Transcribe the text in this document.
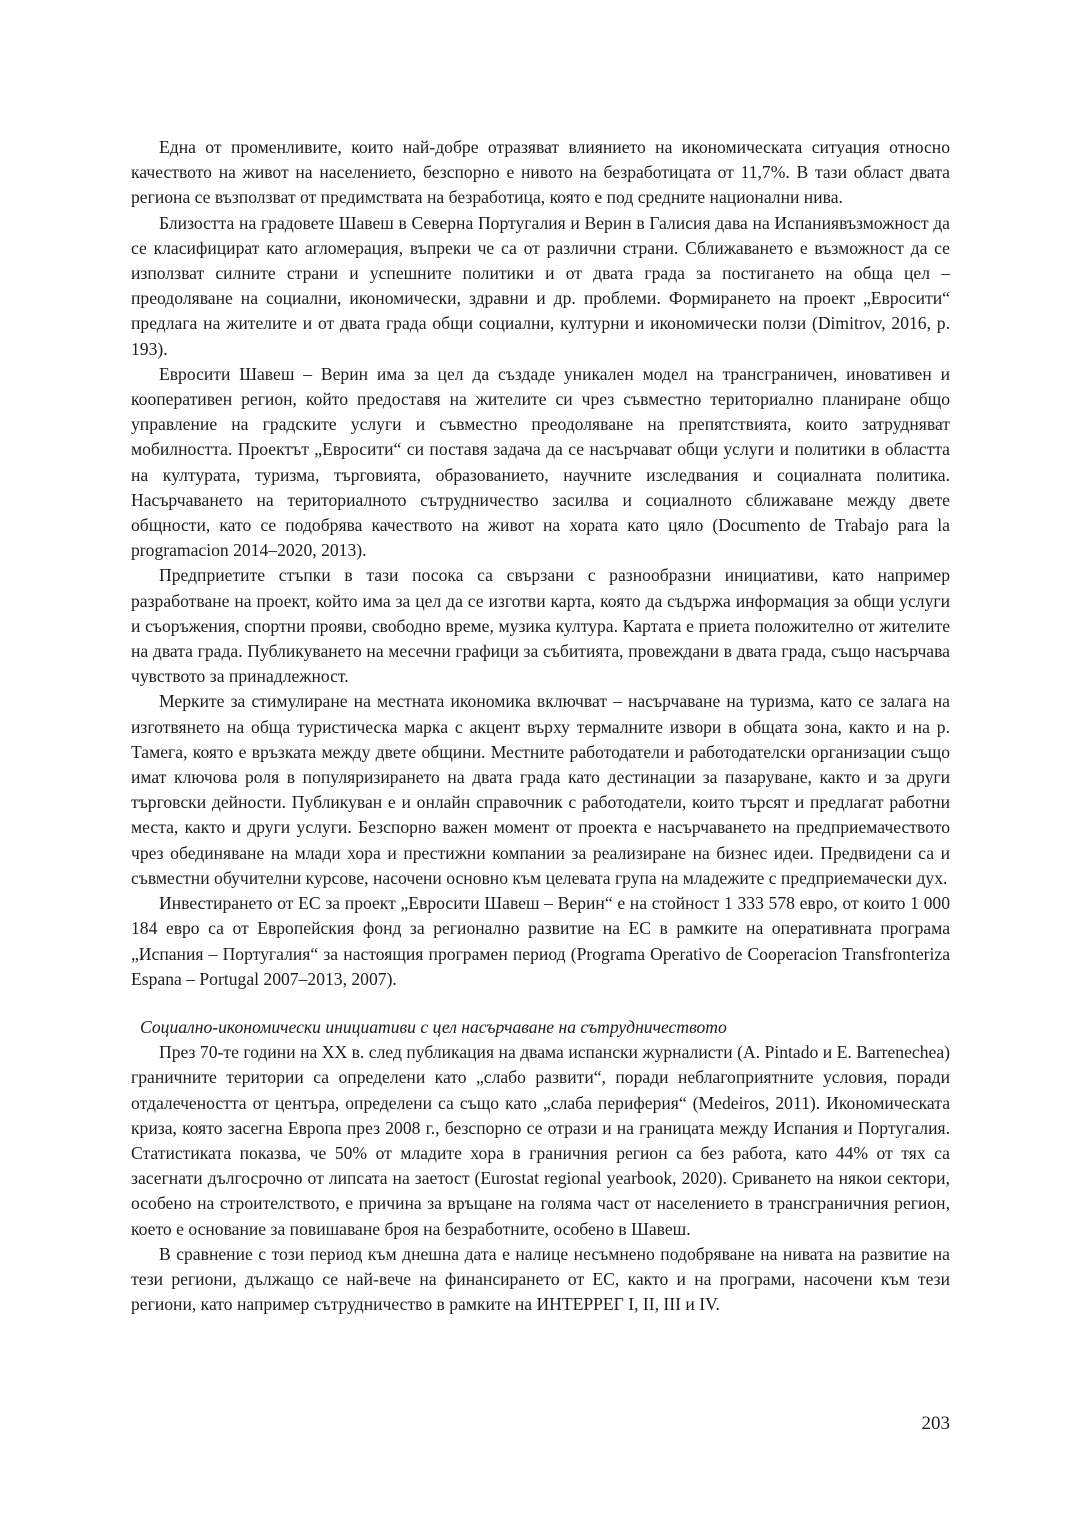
Една от променливите, които най-добре отразяват влиянието на икономическата ситуация относно качеството на живот на населението, безспорно е нивото на безработицата от 11,7%. В тази област двата региона се възползват от предимствата на безработица, която е под средните национални нива.

Близостта на градовете Шавеш в Северна Португалия и Верин в Галисия дава на Испаниявъзможност да се класифицират като агломерация, въпреки че са от различни страни. Сближаването е възможност да се използват силните страни и успешните политики и от двата града за постигането на обща цел – преодоляване на социални, икономически, здравни и др. проблеми. Формирането на проект „Евросити“ предлага на жителите и от двата града общи социални, културни и икономически ползи (Dimitrov, 2016, p. 193).

Евросити Шавеш – Верин има за цел да създаде уникален модел на трансграничен, иновативен и кооперативен регион, който предоставя на жителите си чрез съвместно териториално планиране общо управление на градските услуги и съвместно преодоляване на препятствията, които затрудняват мобилността. Проектът „Евросити“ си поставя задача да се насърчават общи услуги и политики в областта на културата, туризма, търговията, образованието, научните изследвания и социалната политика. Насърчаването на териториалното сътрудничество засилва и социалното сближаване между двете общности, като се подобрява качеството на живот на хората като цяло (Documento de Trabajo para la programacion 2014–2020, 2013).

Предприетите стъпки в тази посока са свързани с разнообразни инициативи, като например разработване на проект, който има за цел да се изготви карта, която да съдържа информация за общи услуги и съоръжения, спортни прояви, свободно време, музика култура. Картата е приета положително от жителите на двата града. Публикуването на месечни графици за събитията, провеждани в двата града, също насърчава чувството за принадлежност.

Мерките за стимулиране на местната икономика включват – насърчаване на туризма, като се залага на изготвянето на обща туристическа марка с акцент върху термалните извори в общата зона, както и на р. Тамега, която е връзката между двете общини. Местните работодатели и работодателски организации също имат ключова роля в популяризирането на двата града като дестинации за пазаруване, както и за други търговски дейности. Публикуван е и онлайн справочник с работодатели, които търсят и предлагат работни места, както и други услуги. Безспорно важен момент от проекта е насърчаването на предприемачеството чрез обединяване на млади хора и престижни компании за реализиране на бизнес идеи. Предвидени са и съвместни обучителни курсове, насочени основно към целевата група на младежите с предприемачески дух.

Инвестирането от ЕС за проект „Евросити Шавеш – Верин“ е на стойност 1 333 578 евро, от които 1 000 184 евро са от Европейския фонд за регионално развитие на ЕС в рамките на оперативната програма „Испания – Португалия“ за настоящия програмен период (Programa Operativo de Cooperacion Transfronteriza Espana – Portugal 2007–2013, 2007).

Социално-икономически инициативи с цел насърчаване на сътрудничеството

През 70-те години на XX в. след публикация на двама испански журналисти (A. Pintado и E. Barrenechea) граничните територии са определени като „слабо развити“, поради неблагоприятните условия, поради отдалечеността от центъра, определени са също като „слаба периферия“ (Medeiros, 2011). Икономическата криза, която засегна Европа през 2008 г., безспорно се отрази и на границата между Испания и Португалия. Статистиката показва, че 50% от младите хора в граничния регион са без работа, като 44% от тях са засегнати дългосрочно от липсата на заетост (Eurostat regional yearbook, 2020). Сриването на някои сектори, особено на строителството, е причина за връщане на голяма част от населението в трансграничния регион, което е основание за повишаване броя на безработните, особено в Шавеш.

В сравнение с този период към днешна дата е налице несъмнено подобряване на нивата на развитие на тези региони, дължащо се най-вече на финансирането от ЕС, както и на програми, насочени към тези региони, като например сътрудничество в рамките на ИНТЕРРЕГ I, II, III и IV.

203
